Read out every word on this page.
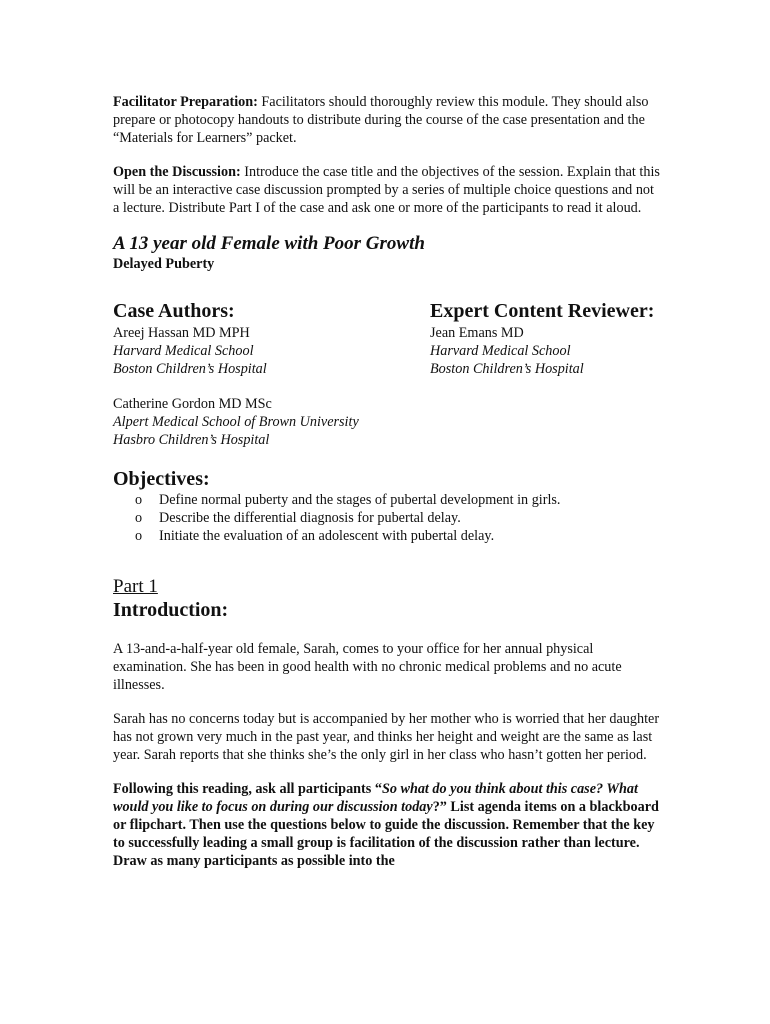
Facilitator Preparation: Facilitators should thoroughly review this module. They should also prepare or photocopy handouts to distribute during the course of the case presentation and the “Materials for Learners” packet.

Open the Discussion: Introduce the case title and the objectives of the session. Explain that this will be an interactive case discussion prompted by a series of multiple choice questions and not a lecture. Distribute Part I of the case and ask one or more of the participants to read it aloud.

A 13 year old Female with Poor Growth
Delayed Puberty
Case Authors:
Areej Hassan MD MPH
Harvard Medical School
Boston Children’s Hospital
Catherine Gordon MD MSc
Alpert Medical School of Brown University
Hasbro Children’s Hospital
Expert Content Reviewer:
Jean Emans MD
Harvard Medical School
Boston Children’s Hospital
Objectives:
o Define normal puberty and the stages of pubertal development in girls.
o Describe the differential diagnosis for pubertal delay.
o Initiate the evaluation of an adolescent with pubertal delay.
Part 1
Introduction:

A 13-and-a-half-year old female, Sarah, comes to your office for her annual physical examination. She has been in good health with no chronic medical problems and no acute illnesses.

Sarah has no concerns today but is accompanied by her mother who is worried that her daughter has not grown very much in the past year, and thinks her height and weight are the same as last year. Sarah reports that she thinks she’s the only girl in her class who hasn’t gotten her period.

Following this reading, ask all participants “So what do you think about this case? What would you like to focus on during our discussion today?” List agenda items on a blackboard or flipchart. Then use the questions below to guide the discussion. Remember that the key to successfully leading a small group is facilitation of the discussion rather than lecture. Draw as many participants as possible into the
